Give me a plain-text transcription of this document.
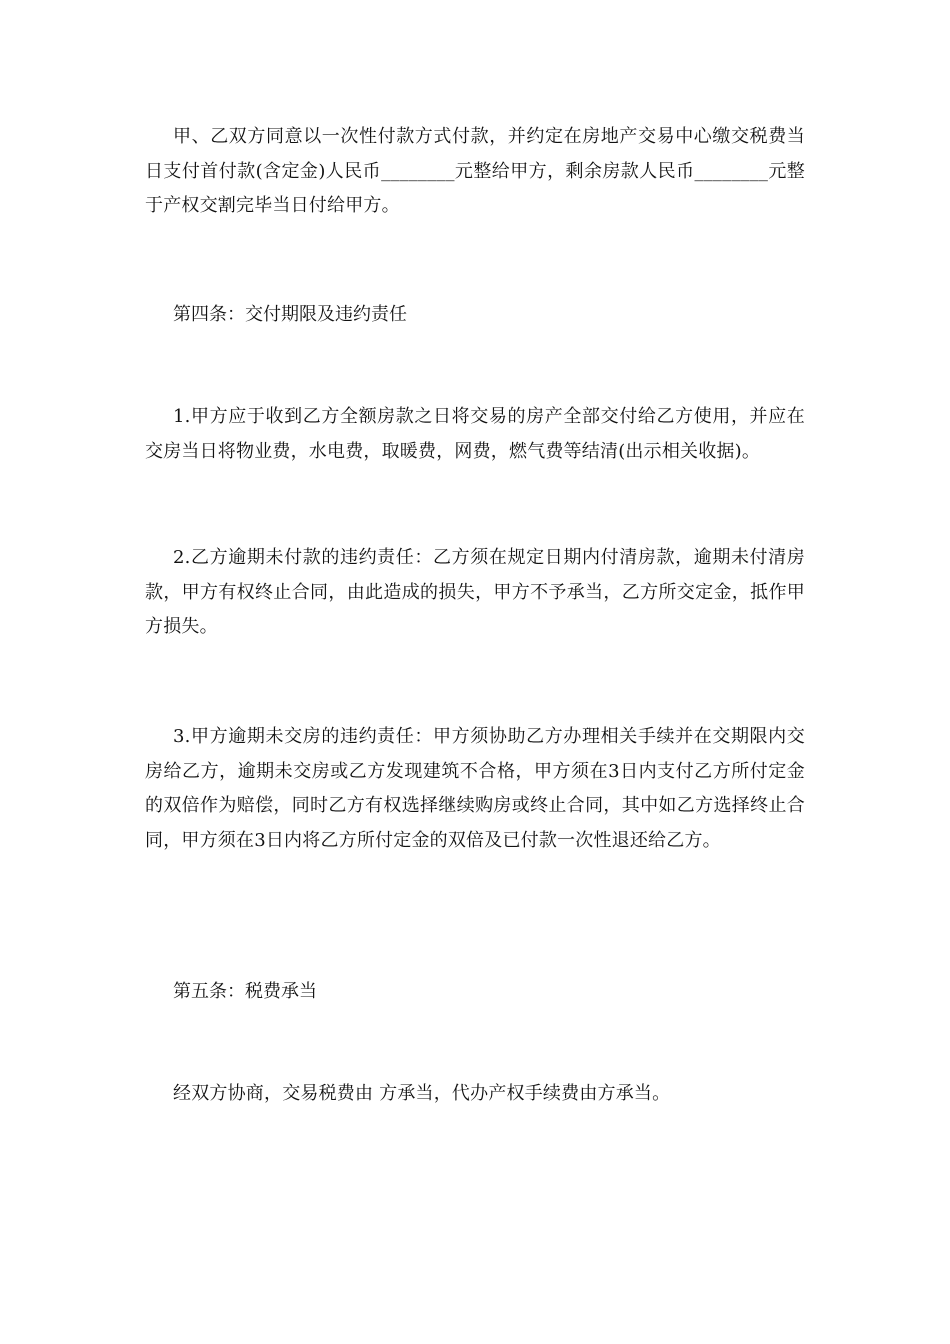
甲、乙双方同意以一次性付款方式付款，并约定在房地产交易中心缴交税费当日支付首付款(含定金)人民币________元整给甲方，剩余房款人民币________元整于产权交割完毕当日付给甲方。

第四条：交付期限及违约责任

1.甲方应于收到乙方全额房款之日将交易的房产全部交付给乙方使用，并应在交房当日将物业费，水电费，取暖费，网费，燃气费等结清(出示相关收据)。

2.乙方逾期未付款的违约责任：乙方须在规定日期内付清房款，逾期未付清房款，甲方有权终止合同，由此造成的损失，甲方不予承当，乙方所交定金，抵作甲方损失。

3.甲方逾期未交房的违约责任：甲方须协助乙方办理相关手续并在交期限内交房给乙方，逾期未交房或乙方发现建筑不合格，甲方须在3日内支付乙方所付定金的双倍作为赔偿，同时乙方有权选择继续购房或终止合同，其中如乙方选择终止合同，甲方须在3日内将乙方所付定金的双倍及已付款一次性退还给乙方。

第五条：税费承当

经双方协商，交易税费由 方承当，代办产权手续费由方承当。
